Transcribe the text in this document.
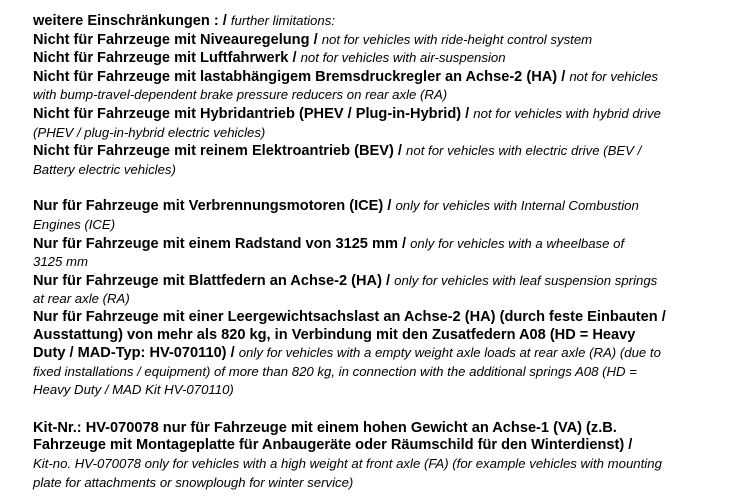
weitere Einschränkungen : / further limitations:
Nicht für Fahrzeuge mit Niveauregelung / not for vehicles with ride-height control system
Nicht für Fahrzeuge mit Luftfahrwerk / not for vehicles with air-suspension
Nicht für Fahrzeuge mit lastabhängigem Bremsdruckregler an Achse-2 (HA) / not for vehicles
with bump-travel-dependent brake pressure reducers on rear axle (RA)
Nicht für Fahrzeuge mit Hybridantrieb (PHEV / Plug-in-Hybrid) / not for vehicles with hybrid drive
(PHEV / plug-in-hybrid electric vehicles)
Nicht für Fahrzeuge mit reinem Elektroantrieb (BEV) / not for vehicles with electric drive (BEV /
Battery electric vehicles)
Nur für Fahrzeuge mit Verbrennungsmotoren (ICE) / only for vehicles with Internal Combustion
Engines (ICE)
Nur für Fahrzeuge mit einem Radstand von 3125 mm / only for vehicles with a wheelbase of
3125 mm
Nur für Fahrzeuge mit Blattfedern an Achse-2 (HA) / only for vehicles with leaf suspension springs
at rear axle (RA)
Nur für Fahrzeuge mit einer Leergewichtsachslast an Achse-2 (HA) (durch feste Einbauten /
Ausstattung) von mehr als 820 kg, in Verbindung mit den Zusatfedern A08 (HD = Heavy
Duty / MAD-Typ: HV-070110) / only for vehicles with a empty weight axle loads at rear axle (RA) (due to
fixed installations / equipment) of more than 820 kg, in connection with the additional springs A08 (HD =
Heavy Duty / MAD Kit HV-070110)
Kit-Nr.: HV-070078 nur für Fahrzeuge mit einem hohen Gewicht an Achse-1 (VA) (z.B.
Fahrzeuge mit Montageplatte für Anbaugeräte oder Räumschild für den Winterdienst) /
Kit-no. HV-070078 only for vehicles with a high weight at front axle (FA) (for example vehicles with mounting
plate for attachments or snowplough for winter service)
